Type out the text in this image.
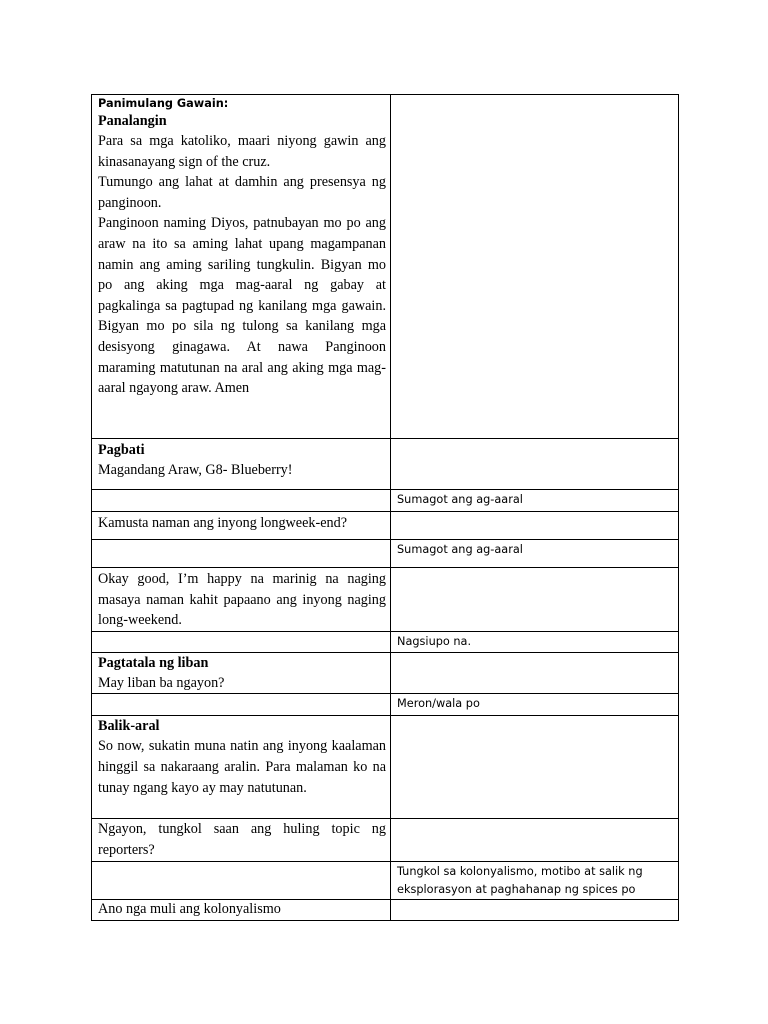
Panimulang Gawain:
Panalangin

Para sa mga katoliko, maari niyong gawin ang kinasanayang sign of the cruz.

Tumungo ang lahat at damhin ang presensya ng panginoon.

Panginoon naming Diyos, patnubayan mo po ang araw na ito sa aming lahat upang magampanan namin ang aming sariling tungkulin. Bigyan mo po ang aking mga mag-aaral ng gabay at pagkalinga sa pagtupad ng kanilang mga gawain. Bigyan mo po sila ng tulong sa kanilang mga desisyong ginagawa. At nawa Panginoon maraming matutunan na aral ang aking mga mag-aaral ngayong araw. Amen	

Pagbati

Magandang Araw, G8- Blueberry!	

	Sumagot ang ag-aaral

Kamusta naman ang inyong longweek-end?	

	Sumagot ang ag-aaral

Okay good, I’m happy na marinig na naging masaya naman kahit papaano ang inyong naging long-weekend.	

	Nagsiupo na.

Pagtatala ng liban

May liban ba ngayon?	

	Meron/wala po

Balik-aral

So now, sukatin muna natin ang inyong kaalaman hinggil sa nakaraang aralin. Para malaman ko na tunay ngang kayo ay may natutunan.	

Ngayon, tungkol saan ang huling topic ng reporters?	

	Tungkol sa kolonyalismo, motibo at salik ng eksplorasyon at paghahanap ng spices po

Ano nga muli ang kolonyalismo	
